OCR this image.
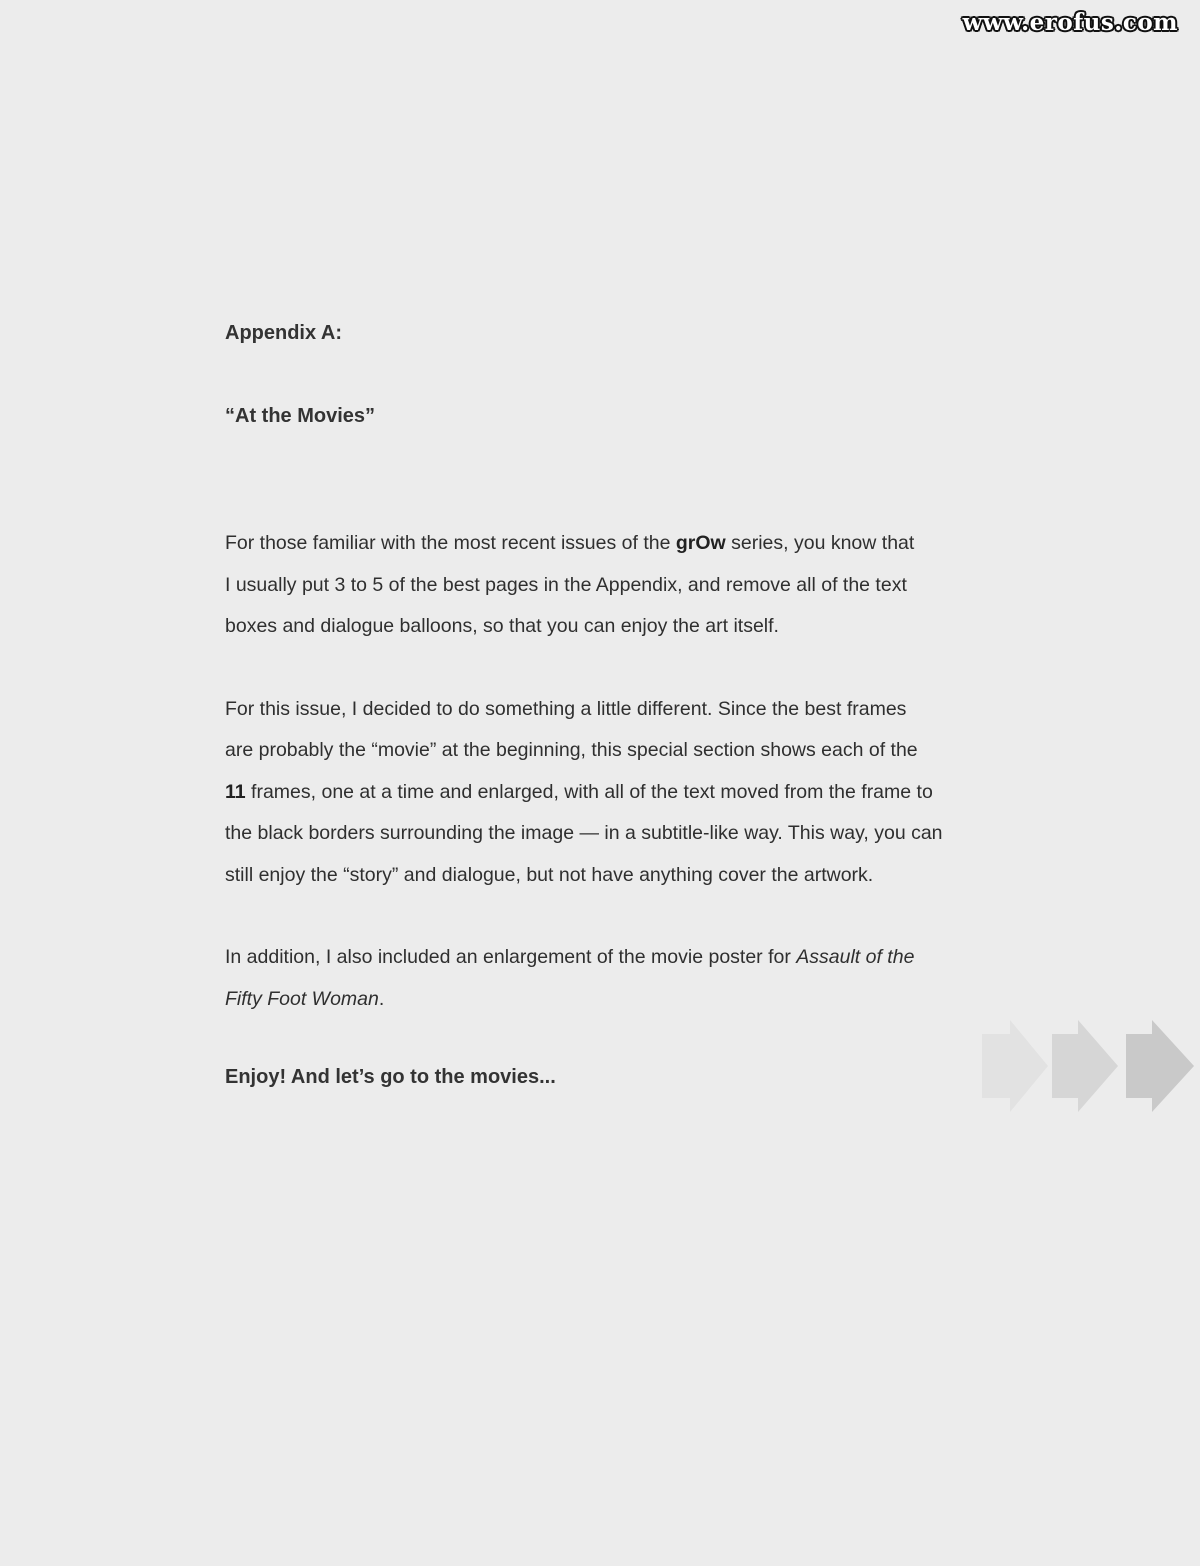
www.erofus.com

Appendix A:

“At the Movies”

For those familiar with the most recent issues of the grOw series, you know that
I usually put 3 to 5 of the best pages in the Appendix, and remove all of the text
boxes and dialogue balloons, so that you can enjoy the art itself.

For this issue, I decided to do something a little different. Since the best frames
are probably the “movie” at the beginning, this special section shows each of the
11 frames, one at a time and enlarged, with all of the text moved from the frame to
the black borders surrounding the image — in a subtitle-like way. This way, you can
still enjoy the “story” and dialogue, but not have anything cover the artwork.

In addition, I also included an enlargement of the movie poster for Assault of the
Fifty Foot Woman.

Enjoy! And let’s go to the movies...
